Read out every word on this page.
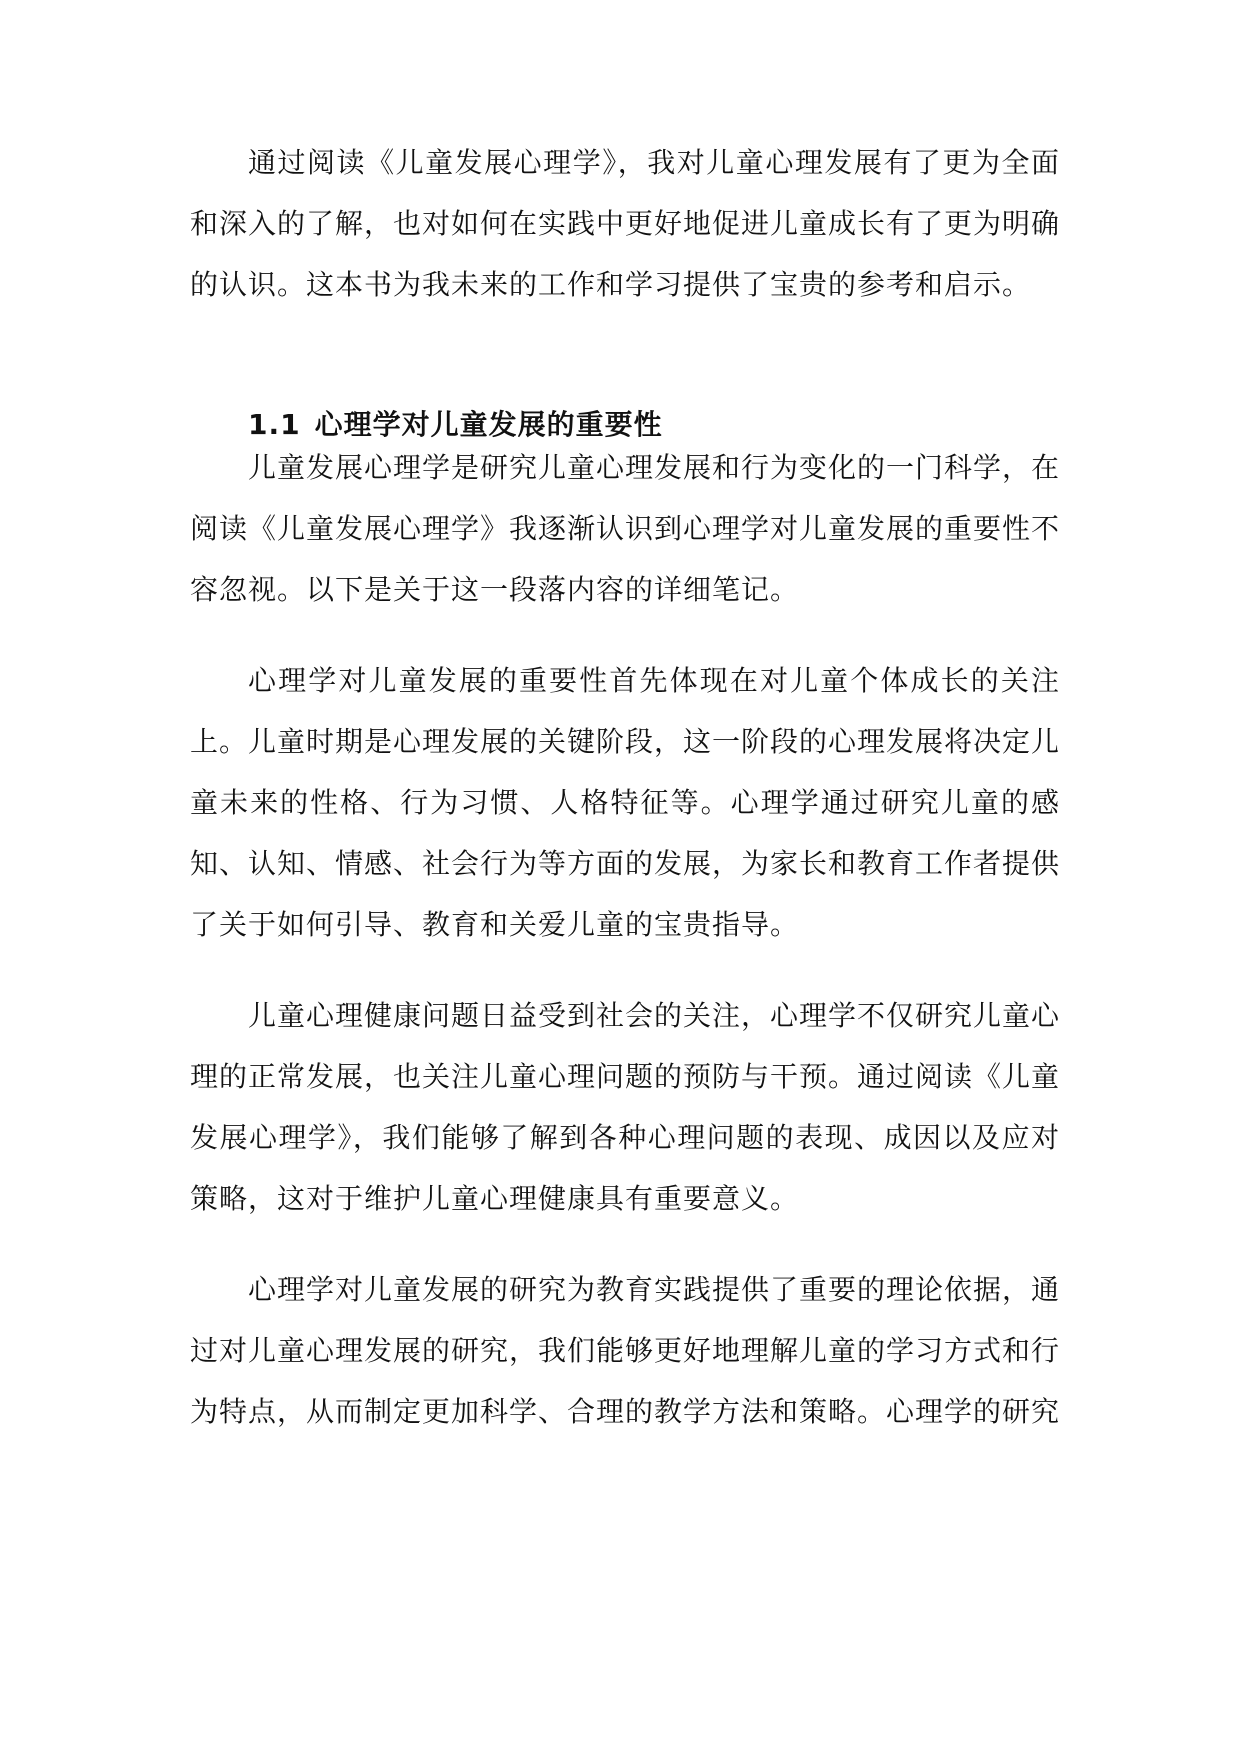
通过阅读《儿童发展心理学》，我对儿童心理发展有了更为全面和深入的了解，也对如何在实践中更好地促进儿童成长有了更为明确的认识。这本书为我未来的工作和学习提供了宝贵的参考和启示。

1.1 心理学对儿童发展的重要性

儿童发展心理学是研究儿童心理发展和行为变化的一门科学，在阅读《儿童发展心理学》我逐渐认识到心理学对儿童发展的重要性不容忽视。以下是关于这一段落内容的详细笔记。

心理学对儿童发展的重要性首先体现在对儿童个体成长的关注上。儿童时期是心理发展的关键阶段，这一阶段的心理发展将决定儿童未来的性格、行为习惯、人格特征等。心理学通过研究儿童的感知、认知、情感、社会行为等方面的发展，为家长和教育工作者提供了关于如何引导、教育和关爱儿童的宝贵指导。

儿童心理健康问题日益受到社会的关注，心理学不仅研究儿童心理的正常发展，也关注儿童心理问题的预防与干预。通过阅读《儿童发展心理学》，我们能够了解到各种心理问题的表现、成因以及应对策略，这对于维护儿童心理健康具有重要意义。

心理学对儿童发展的研究为教育实践提供了重要的理论依据，通过对儿童心理发展的研究，我们能够更好地理解儿童的学习方式和行为特点，从而制定更加科学、合理的教学方法和策略。心理学的研究
